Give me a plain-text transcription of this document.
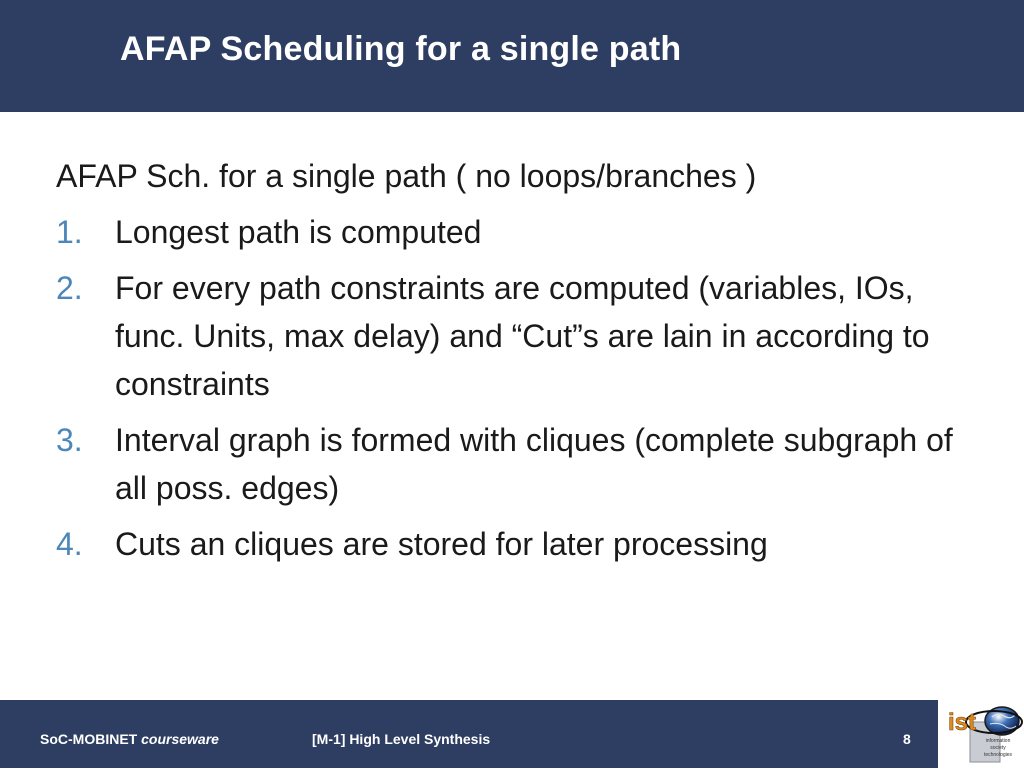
AFAP Scheduling for a single path
AFAP Sch. for a single path ( no loops/branches )
1.	Longest path is computed
2.	For every path constraints are computed (variables, IOs, func. Units, max delay) and “Cut”s are lain in according to constraints
3.	Interval graph is formed with cliques (complete subgraph of all poss. edges)
4.	Cuts an cliques are stored for later processing
SoC-MOBINET courseware	[M-1] High Level Synthesis	8
ist
information
society
technologies
